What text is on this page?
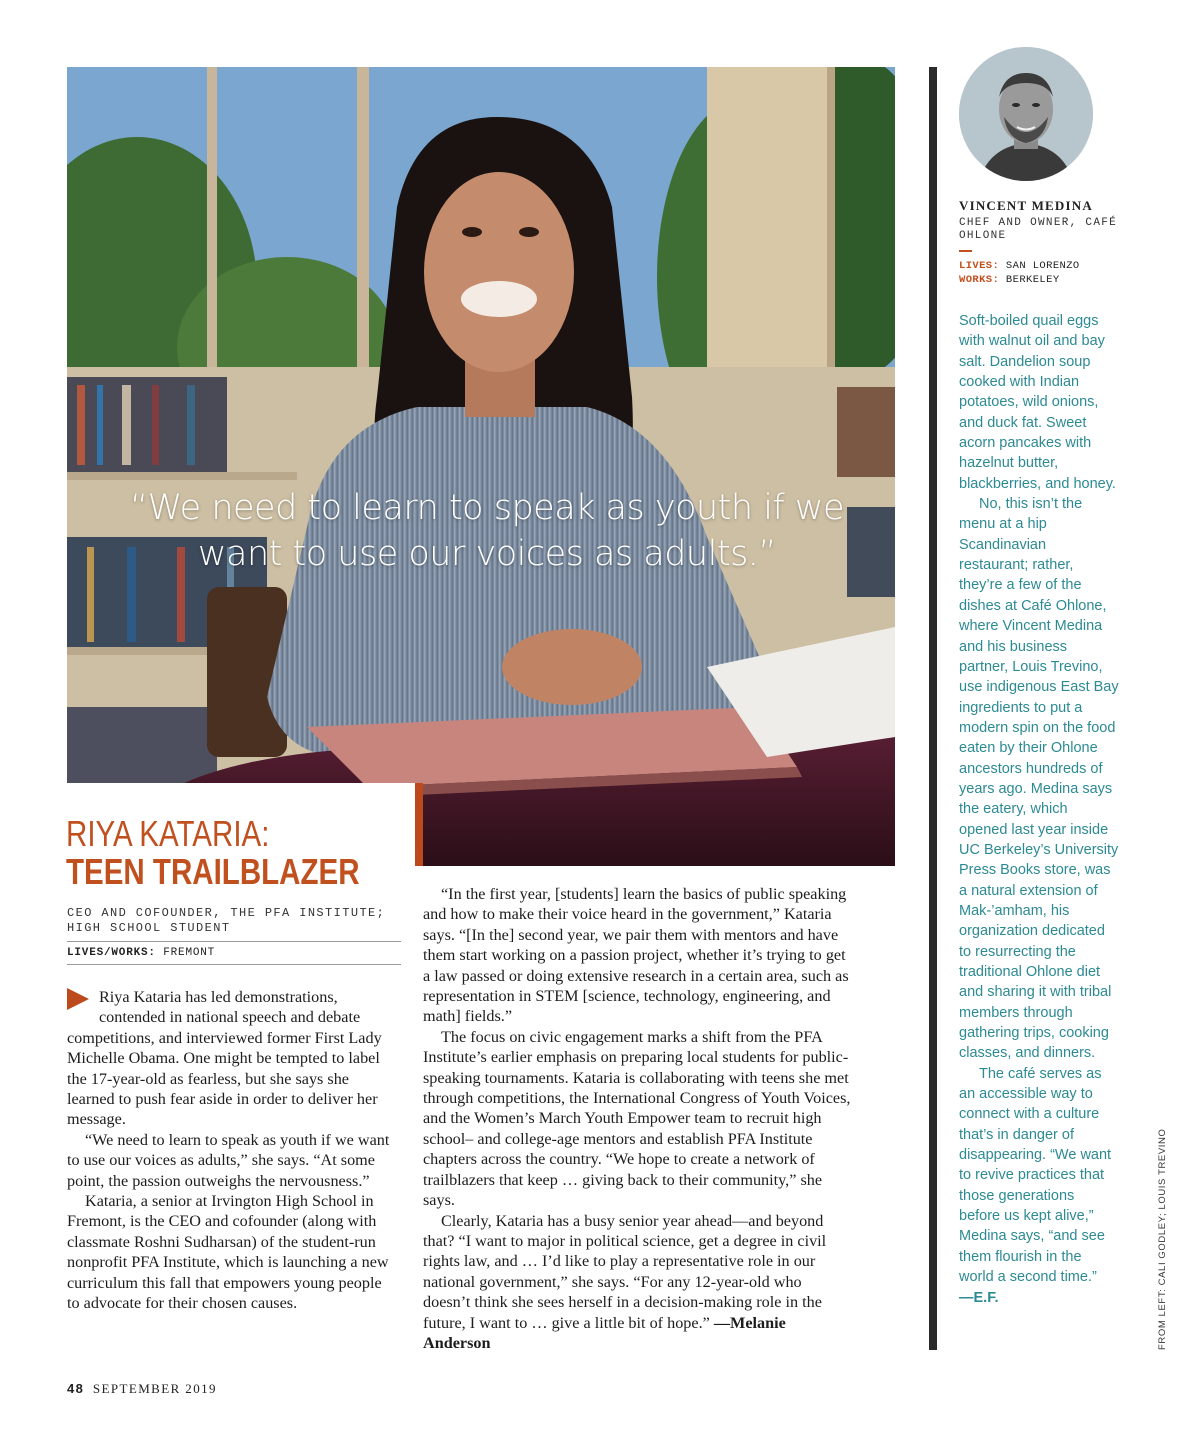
“We need to learn to speak as youth if we want to use our voices as adults.”
RIYA KATARIA:
TEEN TRAILBLAZER
CEO AND COFOUNDER, THE PFA INSTITUTE; HIGH SCHOOL STUDENT
LIVES/WORKS: FREMONT

Riya Kataria has led demonstrations, contended in national speech and debate competitions, and interviewed former First Lady Michelle Obama. One might be tempted to label the 17-year-old as fearless, but she says she learned to push fear aside in order to deliver her message.

“We need to learn to speak as youth if we want to use our voices as adults,” she says. “At some point, the passion outweighs the nervousness.”

Kataria, a senior at Irvington High School in Fremont, is the CEO and cofounder (along with classmate Roshni Sudharsan) of the student-run nonprofit PFA Institute, which is launching a new curriculum this fall that empowers young people to advocate for their chosen causes.

“In the first year, [students] learn the basics of public speaking and how to make their voice heard in the government,” Kataria says. “[In the] second year, we pair them with mentors and have them start working on a passion project, whether it’s trying to get a law passed or doing extensive research in a certain area, such as representation in STEM [science, technology, engineering, and math] fields.”

The focus on civic engagement marks a shift from the PFA Institute’s earlier emphasis on preparing local students for public-speaking tournaments. Kataria is collaborating with teens she met through competitions, the International Congress of Youth Voices, and the Women’s March Youth Empower team to recruit high school– and college-age mentors and establish PFA Institute chapters across the country. “We hope to create a network of trailblazers that keep … giving back to their community,” she says.

Clearly, Kataria has a busy senior year ahead—and beyond that? “I want to major in political science, get a degree in civil rights law, and … I’d like to play a representative role in our national government,” she says. “For any 12-year-old who doesn’t think she sees herself in a decision-making role in the future, I want to … give a little bit of hope.” —Melanie Anderson

VINCENT MEDINA
CHEF AND OWNER, CAFÉ OHLONE
LIVES: SAN LORENZO
WORKS: BERKELEY

Soft-boiled quail eggs with walnut oil and bay salt. Dandelion soup cooked with Indian potatoes, wild onions, and duck fat. Sweet acorn pancakes with hazelnut butter, blackberries, and honey.

No, this isn’t the menu at a hip Scandinavian restaurant; rather, they’re a few of the dishes at Café Ohlone, where Vincent Medina and his business partner, Louis Trevino, use indigenous East Bay ingredients to put a modern spin on the food eaten by their Ohlone ancestors hundreds of years ago. Medina says the eatery, which opened last year inside UC Berkeley’s University Press Books store, was a natural extension of Mak-’amham, his organization dedicated to resurrecting the traditional Ohlone diet and sharing it with tribal members through gathering trips, cooking classes, and dinners.

The café serves as an accessible way to connect with a culture that’s in danger of disappearing. “We want to revive practices that those generations before us kept alive,” Medina says, “and see them flourish in the world a second time.”

—E.F.	FROM LEFT: CALI GODLEY; LOUIS TREVINO
48 SEPTEMBER 2019
